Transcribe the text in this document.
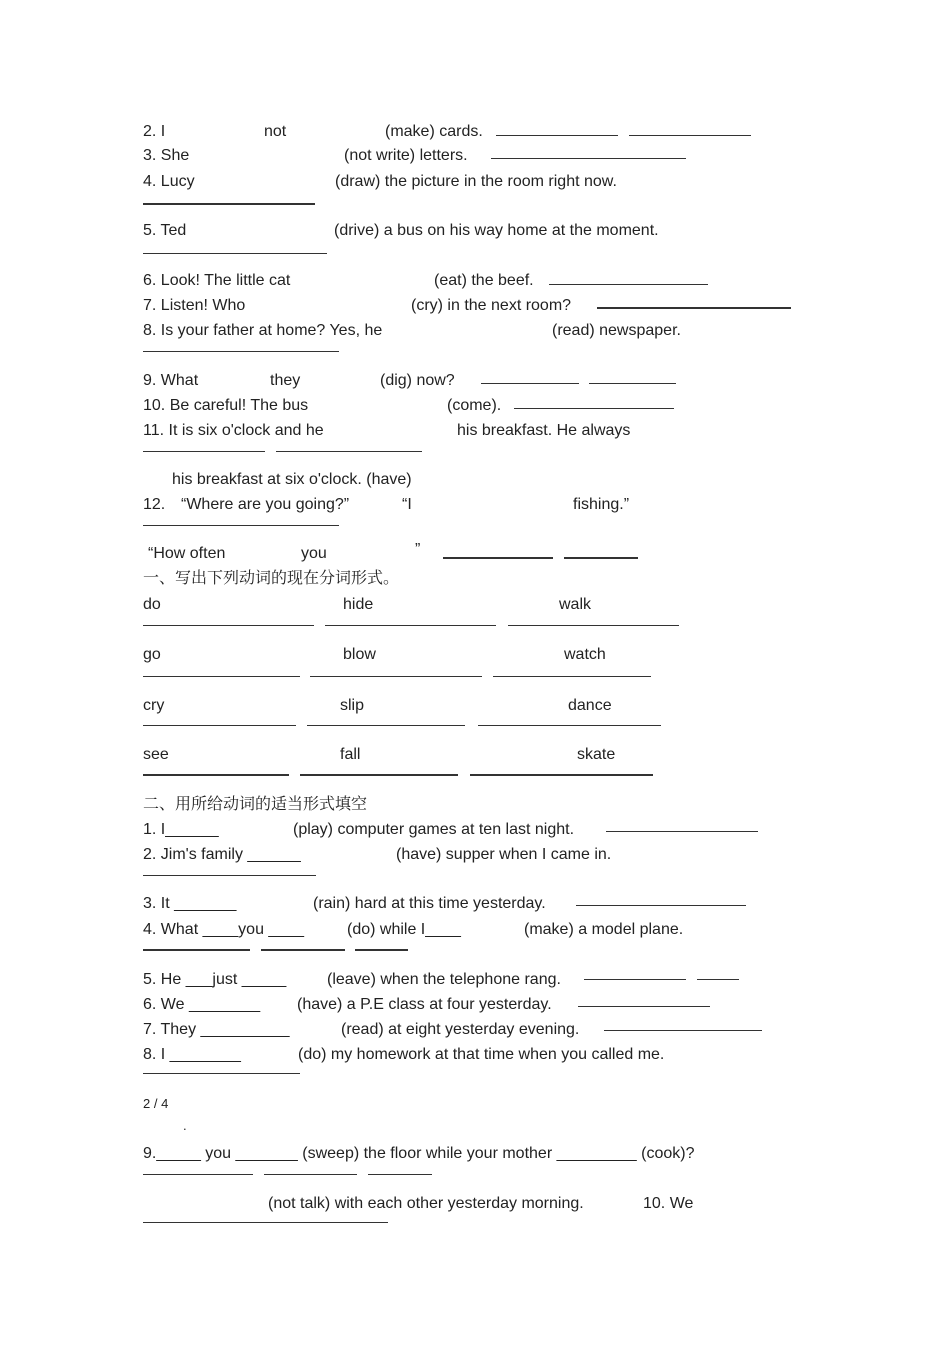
2. I	not	(make) cards.
3. She	(not write) letters.
4. Lucy	(draw) the picture in the room right now.
5. Ted	(drive) a bus on his way home at the moment.
6. Look! The little cat	(eat) the beef.
7. Listen! Who	(cry) in the next room?
8. Is your father at home? Yes, he	(read) newspaper.
9. What	they	(dig) now?
10. Be careful! The bus	(come).
11. It is six o'clock and he	his breakfast. He always
his breakfast at six o'clock. (have)
12. “Where are you going?”	“I	fishing.”
“How often	you	”
一、写出下列动词的现在分词形式。
do	hide	walk
go	blow	watch
cry	slip	dance
see	fall	skate
二、用所给动词的适当形式填空
1. I______	(play) computer games at ten last night.
2. Jim's family ______	(have) supper when I came in.
3. It _______	(rain) hard at this time yesterday.
4. What ____you ____	(do) while I____	(make) a model plane.
5. He ___just _____	(leave) when the telephone rang.
6. We ________ (have) a P.E class at four yesterday.
7. They __________	(read) at eight yesterday evening.
8. I ________	(do) my homework at that time when you called me.
2 / 4
.
9._____ you _______ (sweep) the floor while your mother _________ (cook)?
(not talk) with each other yesterday morning.	10. We
